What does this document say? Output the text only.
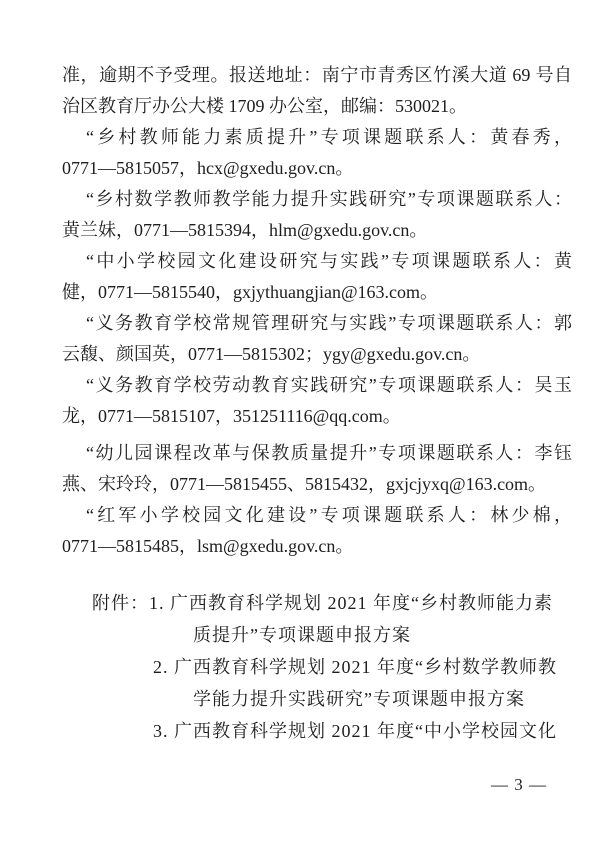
准，逾期不予受理。报送地址：南宁市青秀区竹溪大道 69 号自
治区教育厅办公大楼 1709 办公室，邮编：530021。
“乡村教师能力素质提升”专项课题联系人：黄春秀，
0771—5815057，hcx@gxedu.gov.cn。
“乡村数学教师教学能力提升实践研究”专项课题联系人：
黄兰妹，0771—5815394，hlm@gxedu.gov.cn。
“中小学校园文化建设研究与实践”专项课题联系人：黄
健，0771—5815540，gxjythuangjian@163.com。
“义务教育学校常规管理研究与实践”专项课题联系人：郭
云馥、颜国英，0771—5815302；ygy@gxedu.gov.cn。
“义务教育学校劳动教育实践研究”专项课题联系人：吴玉
龙，0771—5815107，351251116@qq.com。
“幼儿园课程改革与保教质量提升”专项课题联系人：李钰
燕、宋玲玲，0771—5815455、5815432，gxjcjyxq@163.com。
“红军小学校园文化建设”专项课题联系人：林少棉，
0771—5815485，lsm@gxedu.gov.cn。
附件：1. 广西教育科学规划 2021 年度“乡村教师能力素
质提升”专项课题申报方案
2. 广西教育科学规划 2021 年度“乡村数学教师教
学能力提升实践研究”专项课题申报方案
3. 广西教育科学规划 2021 年度“中小学校园文化
— 3 —
